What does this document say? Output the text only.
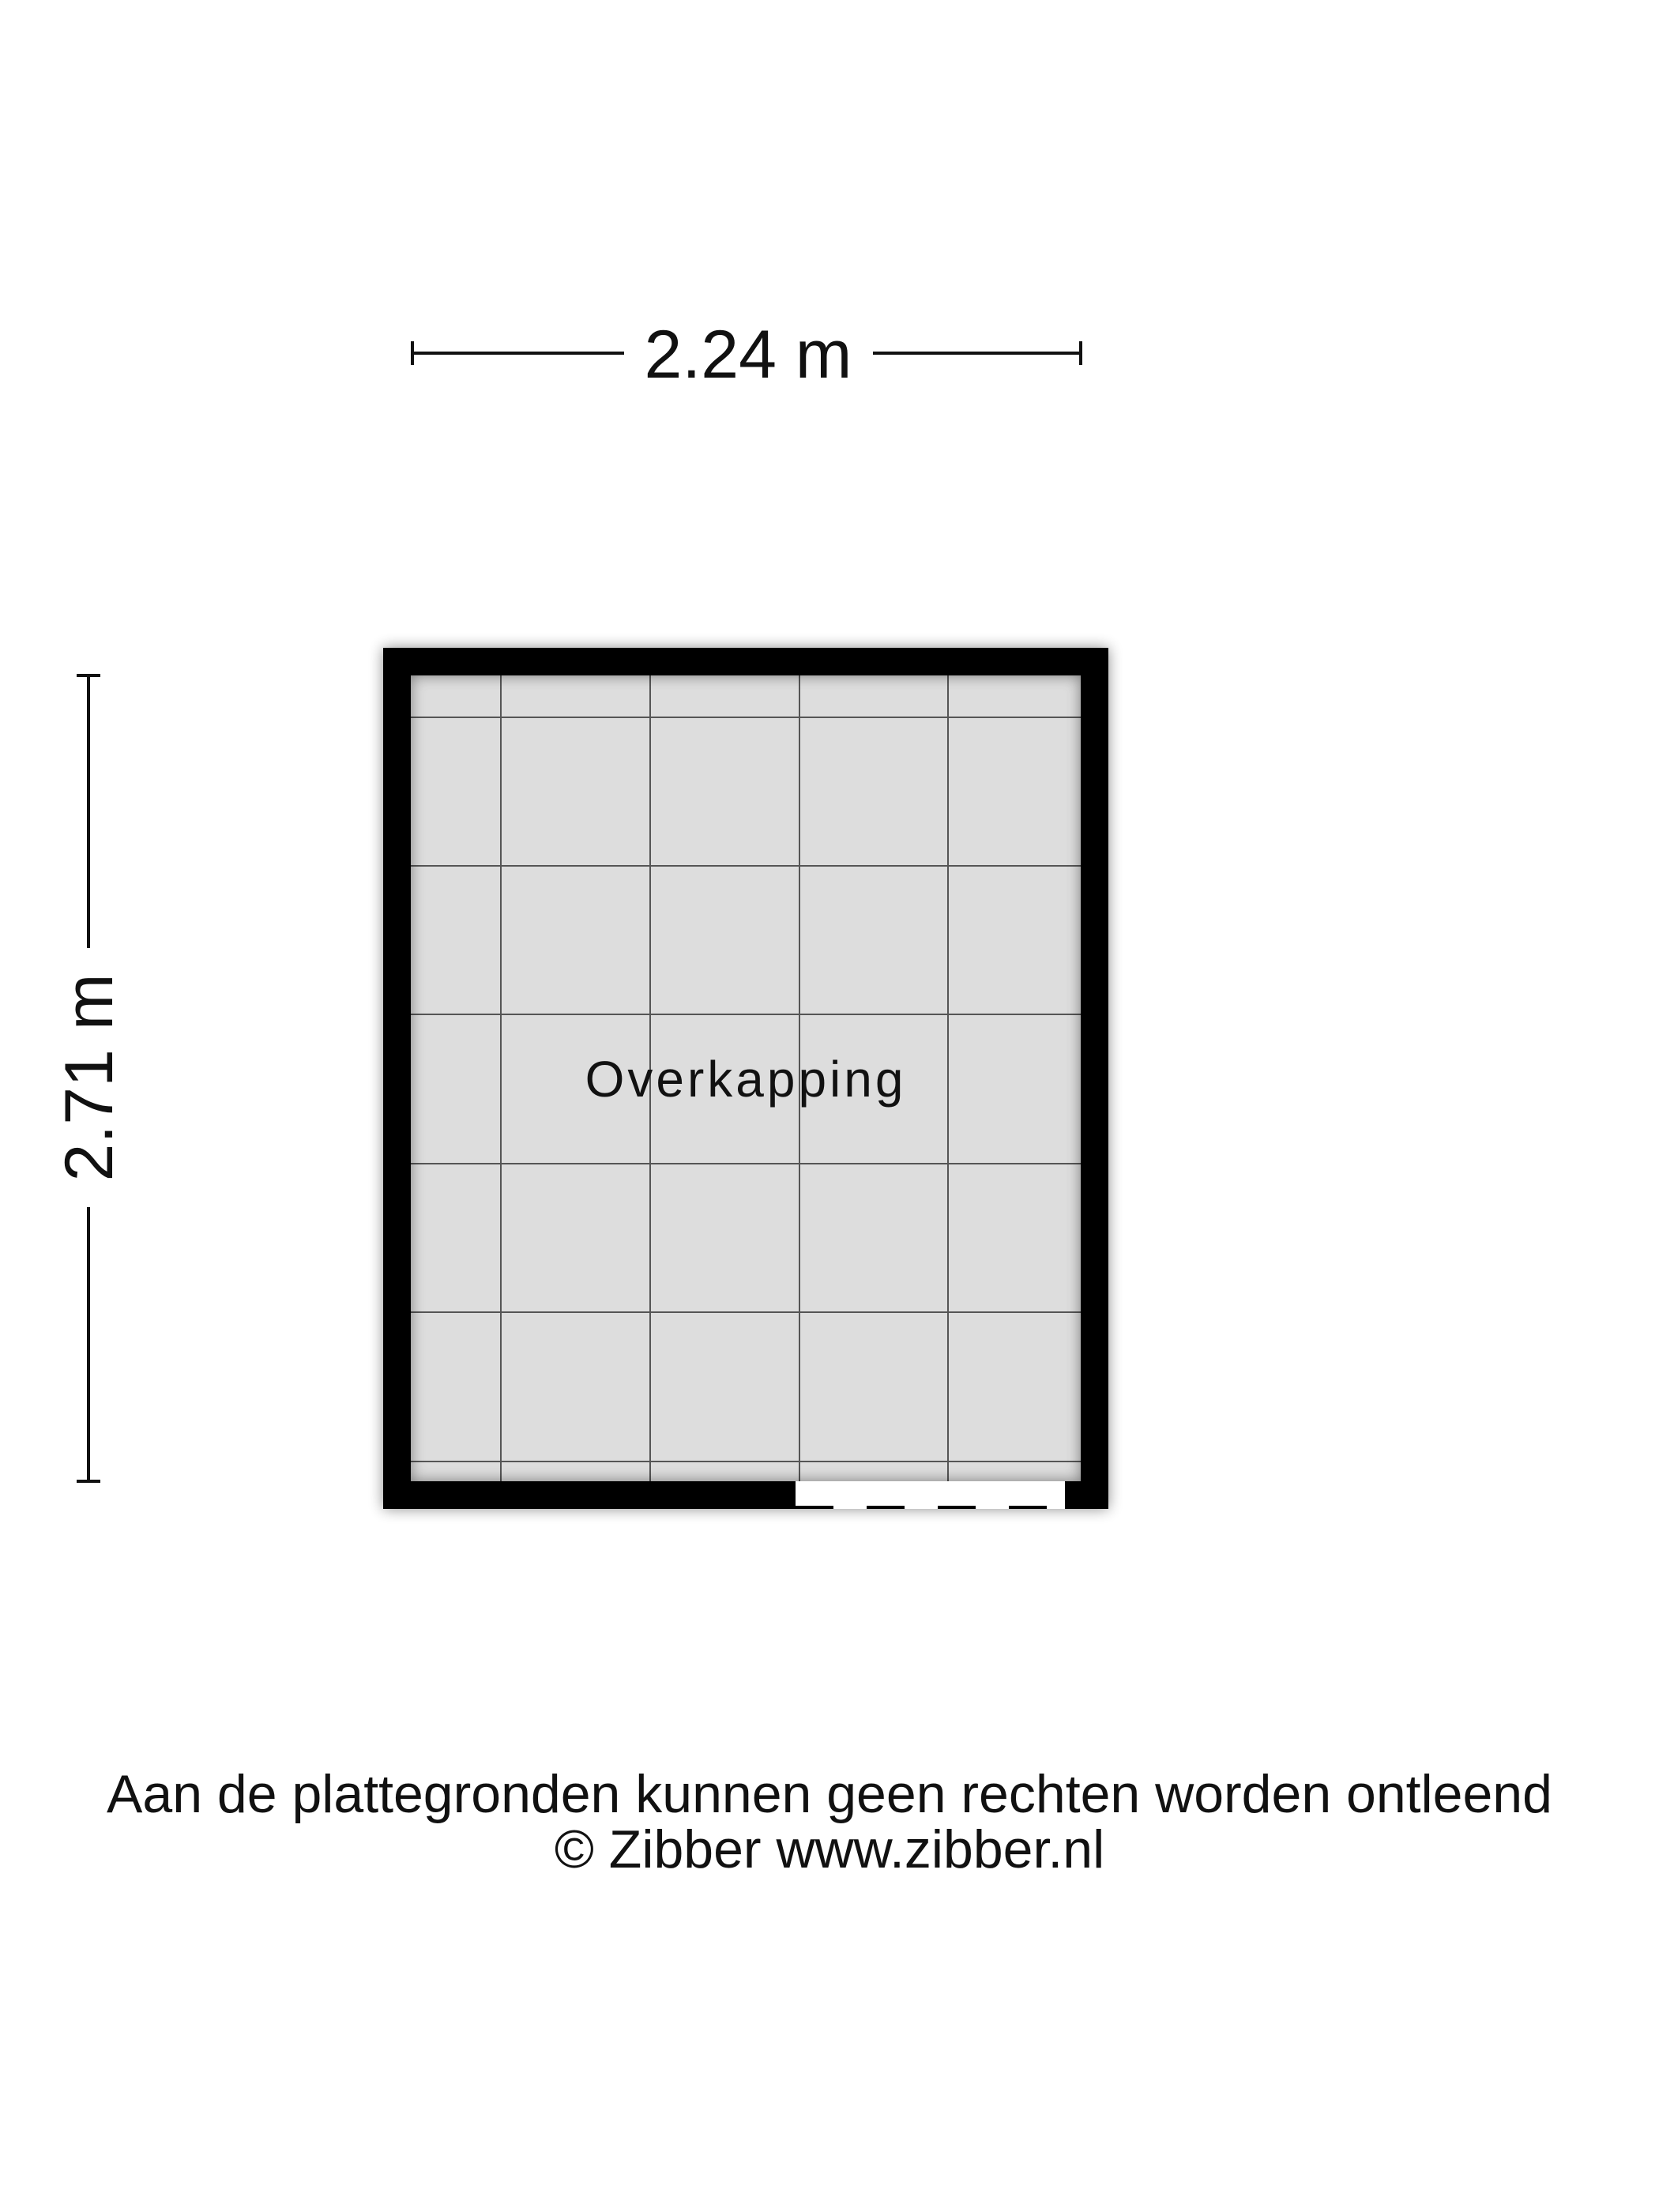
2.24 m
2.71 m	Overkapping
Aan de plattegronden kunnen geen rechten worden ontleend
© Zibber www.zibber.nl
